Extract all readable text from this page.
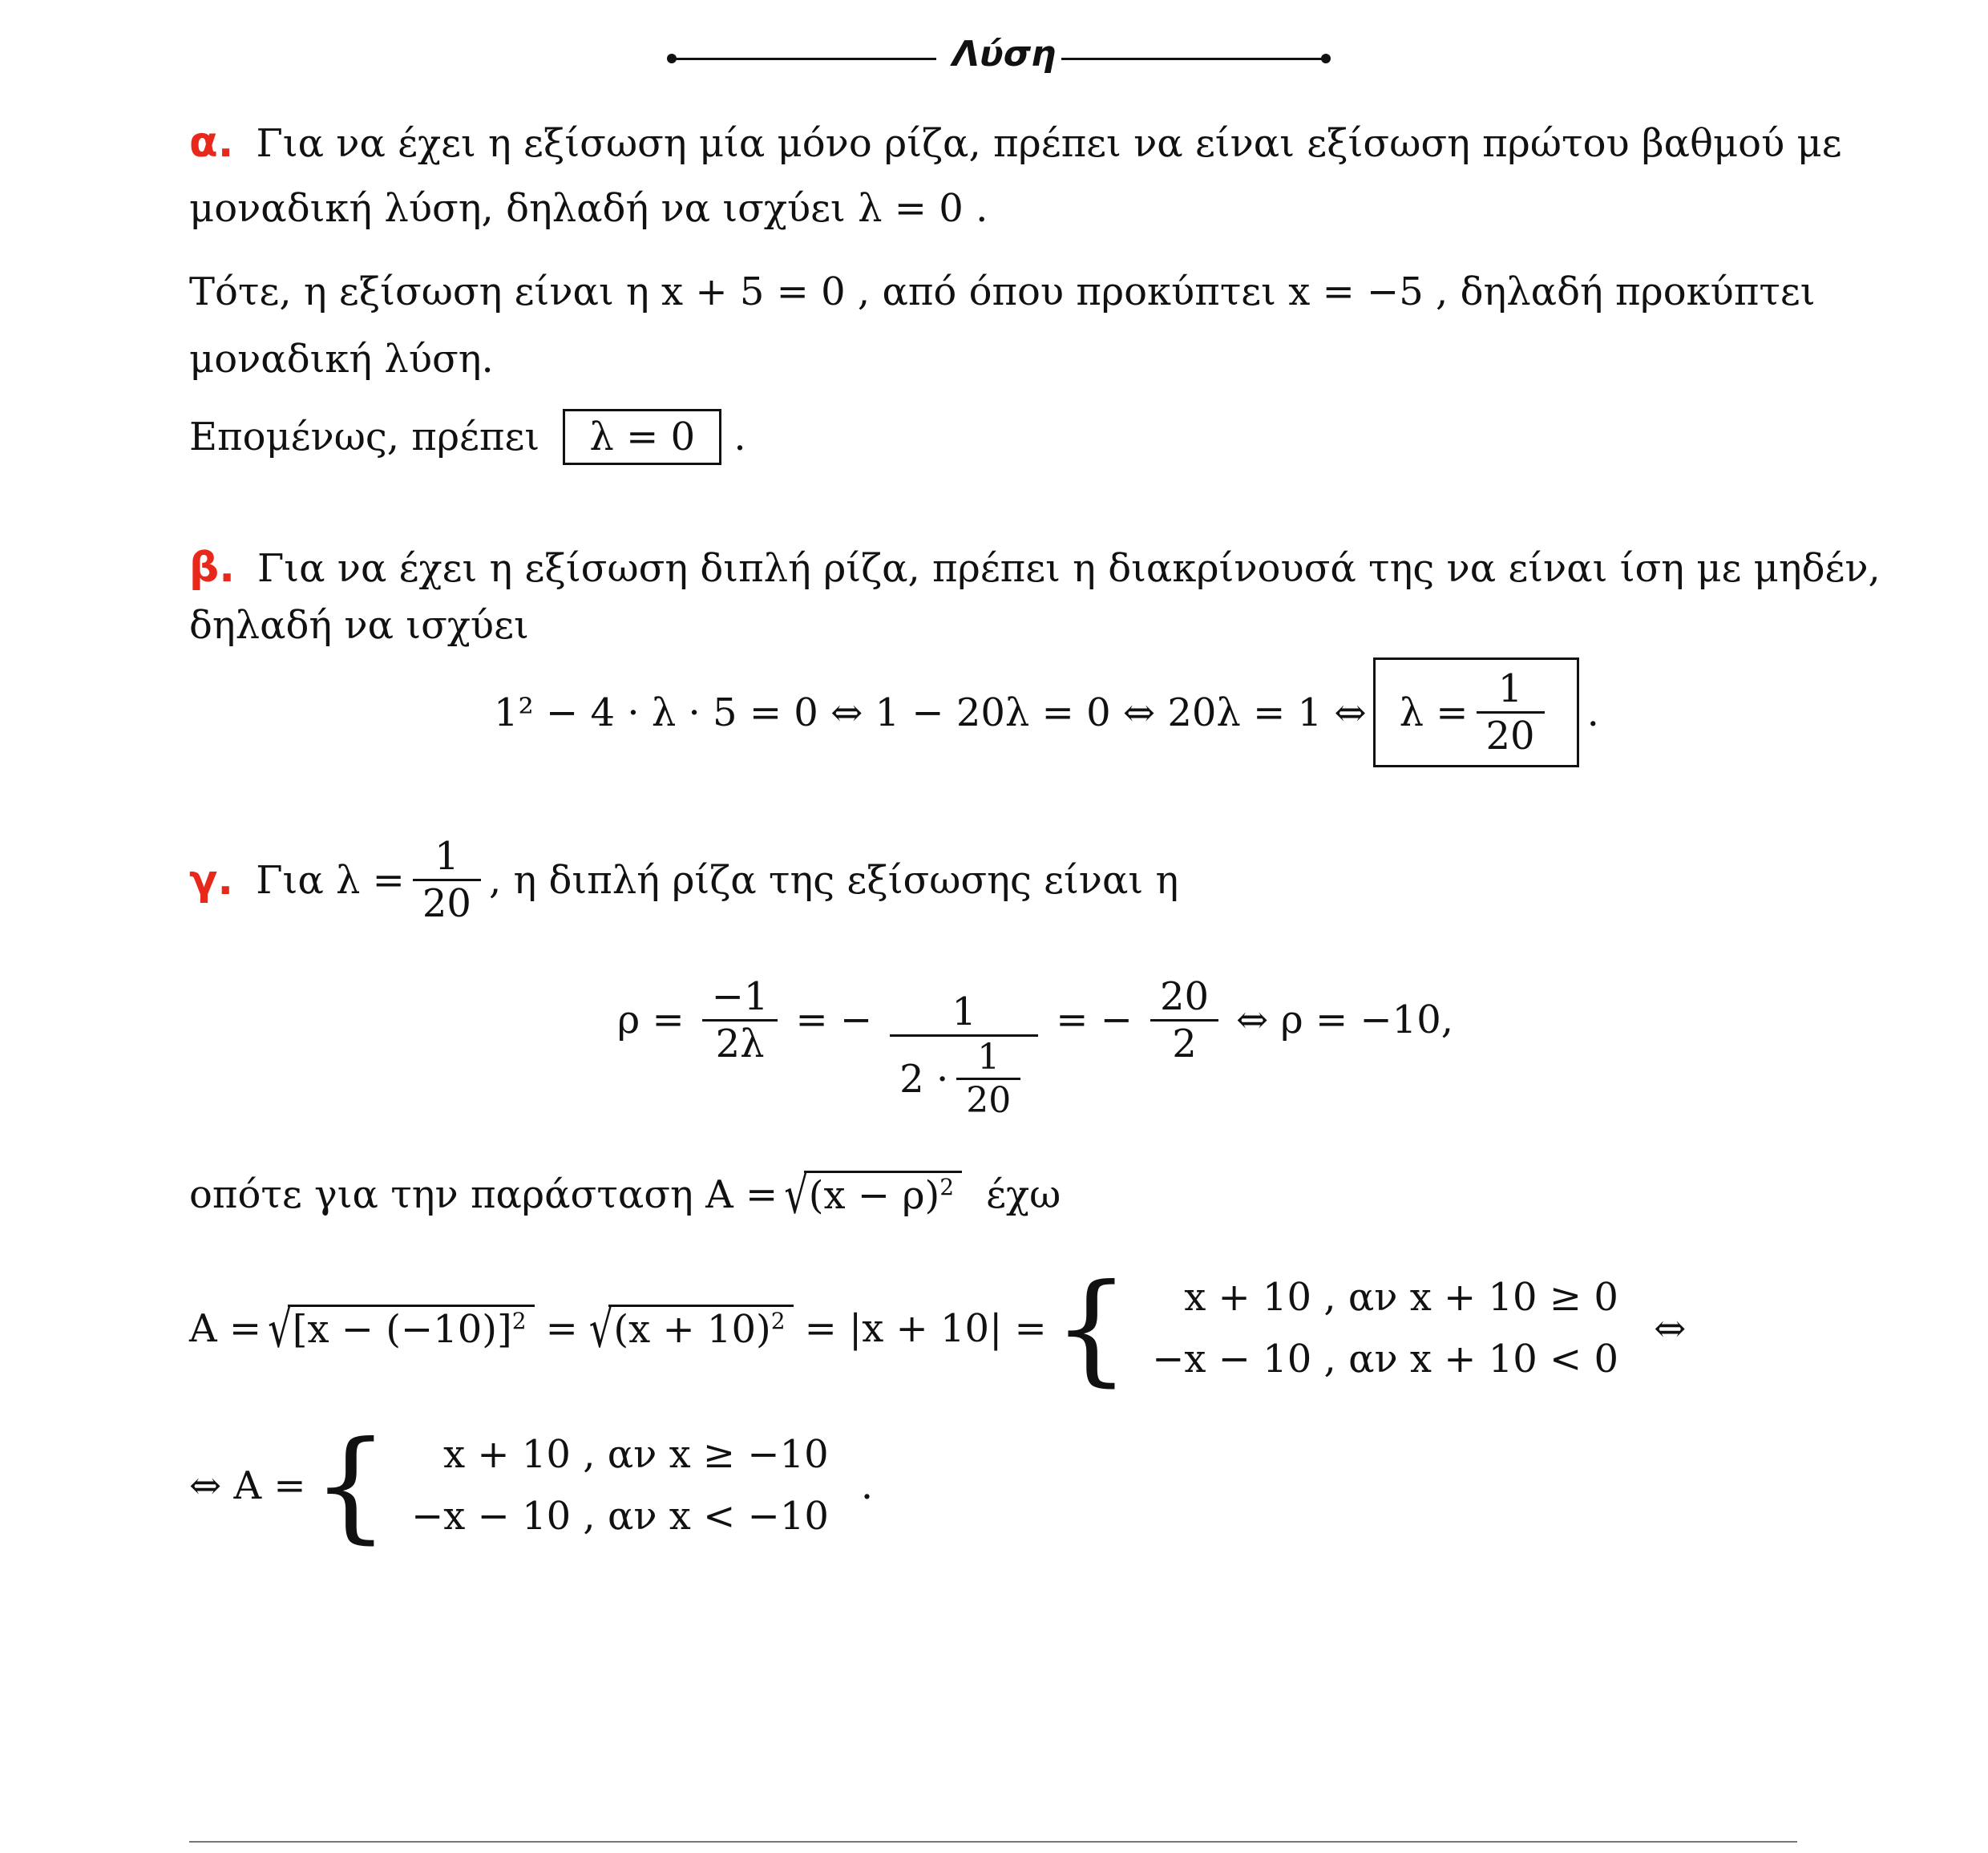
Λύση
α. Για να έχει η εξίσωση μία μόνο ρίζα, πρέπει να είναι εξίσωση πρώτου βαθμού με
μοναδική λύση, δηλαδή να ισχύει λ = 0 .
Τότε, η εξίσωση είναι η x + 5 = 0 , από όπου προκύπτει x = −5 , δηλαδή προκύπτει
μοναδική λύση.
Επομένως, πρέπει λ = 0 .
β. Για να έχει η εξίσωση διπλή ρίζα, πρέπει η διακρίνουσά της να είναι ίση με μηδέν,
δηλαδή να ισχύει
1² − 4 · λ · 5 = 0 ⇔ 1 − 20λ = 0 ⇔ 20λ = 1 ⇔ $\lambda = \frac{1}{20}$ .
γ. Για $\lambda = \frac{1}{20}$ , η διπλή ρίζα της εξίσωσης είναι η
$\rho = \frac{-1}{2\lambda}$ = − $\frac{1}{2 \cdot \frac{1}{20}}$ = − $\frac{20}{2}$ ⇔ ρ = −10,
οπότε για την παράσταση $A = √(x - \rho)^2$ έχω
$A = √[x - (-10)]^2 = √(x + 10)^2 = |x + 10|$ = {	x + 10 , αν x + 10 ≥ 0
−x − 10 , αν x + 10 < 0
⇔
⇔ A = {	x + 10 , αν x ≥ −10
−x − 10 , αν x < −10
.
